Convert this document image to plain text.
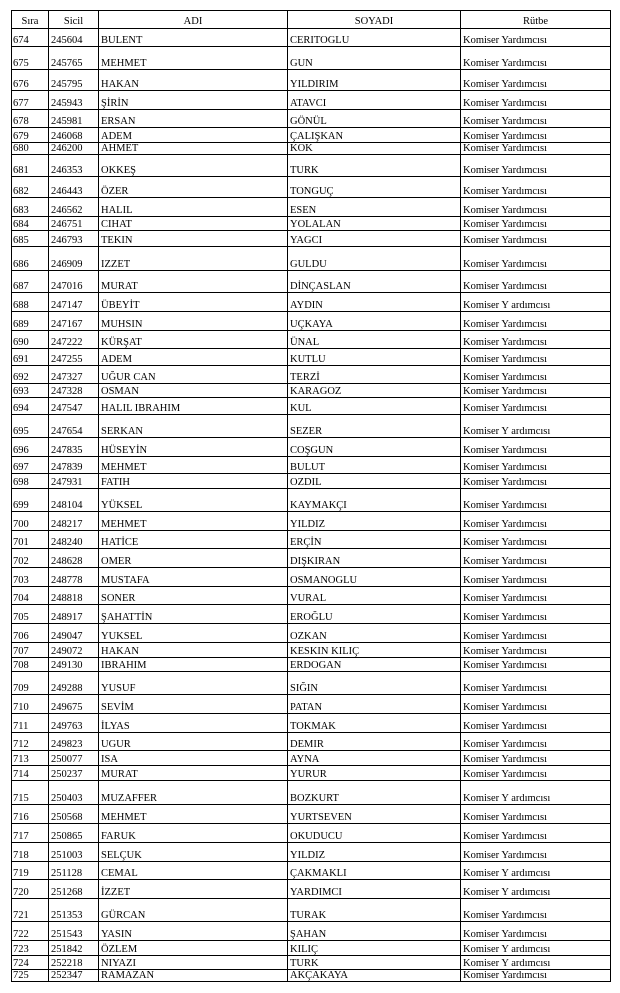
Sıra	Sicil	ADI	SOYADI	Rütbe

674	245604	BULENT	CERITOGLU	Komiser Yardımcısı
675	245765	MEHMET	GUN	Komiser Yardımcısı
676	245795	HAKAN	YILDIRIM	Komiser Yardımcısı
677	245943	ŞİRİN	ATAVCI	Komiser Yardımcısı
678	245981	ERSAN	GÖNÜL	Komiser Yardımcısı
679	246068	ADEM	ÇALIŞKAN	Komiser Yardımcısı
680	246200	AHMET	KOK	Komiser Yardımcısı
681	246353	OKKEŞ	TURK	Komiser Yardımcısı
682	246443	ÖZER	TONGUÇ	Komiser Yardımcısı
683	246562	HALIL	ESEN	Komiser Yardımcısı
684	246751	CIHAT	YOLALAN	Komiser Yardımcısı
685	246793	TEKIN	YAGCI	Komiser Yardımcısı
686	246909	IZZET	GULDU	Komiser Yardımcısı
687	247016	MURAT	DİNÇASLAN	Komiser Yardımcısı
688	247147	ÜBEYİT	AYDIN	Komiser Y ardımcısı
689	247167	MUHSIN	UÇKAYA	Komiser Yardımcısı
690	247222	KÜRŞAT	ÜNAL	Komiser Yardımcısı
691	247255	ADEM	KUTLU	Komiser Yardımcısı
692	247327	UĞUR CAN	TERZİ	Komiser Yardımcısı
693	247328	OSMAN	KARAGOZ	Komiser Yardımcısı
694	247547	HALIL IBRAHIM	KUL	Komiser Yardımcısı
695	247654	SERKAN	SEZER	Komiser Y ardımcısı
696	247835	HÜSEYİN	COŞGUN	Komiser Yardımcısı
697	247839	MEHMET	BULUT	Komiser Yardımcısı
698	247931	FATIH	OZDIL	Komiser Yardımcısı
699	248104	YÜKSEL	KAYMAKÇI	Komiser Yardımcısı
700	248217	MEHMET	YILDIZ	Komiser Yardımcısı
701	248240	HATİCE	ERÇİN	Komiser Yardımcısı
702	248628	OMER	DIŞKIRAN	Komiser Yardımcısı
703	248778	MUSTAFA	OSMANOGLU	Komiser Yardımcısı
704	248818	SONER	VURAL	Komiser Yardımcısı
705	248917	ŞAHATTİN	EROĞLU	Komiser Yardımcısı
706	249047	YUKSEL	OZKAN	Komiser Yardımcısı
707	249072	HAKAN	KESKIN KILIÇ	Komiser Yardımcısı
708	249130	IBRAHIM	ERDOGAN	Komiser Yardımcısı
709	249288	YUSUF	SIĞIN	Komiser Yardımcısı
710	249675	SEVİM	PATAN	Komiser Yardımcısı
711	249763	İLYAS	TOKMAK	Komiser Yardımcısı
712	249823	UGUR	DEMIR	Komiser Yardımcısı
713	250077	ISA	AYNA	Komiser Yardımcısı
714	250237	MURAT	YURUR	Komiser Yardımcısı
715	250403	MUZAFFER	BOZKURT	Komiser Y ardımcısı
716	250568	MEHMET	YURTSEVEN	Komiser Yardımcısı
717	250865	FARUK	OKUDUCU	Komiser Yardımcısı
718	251003	SELÇUK	YILDIZ	Komiser Yardımcısı
719	251128	CEMAL	ÇAKMAKLI	Komiser Y ardımcısı
720	251268	İZZET	YARDIMCI	Komiser Y ardımcısı
721	251353	GÜRCAN	TURAK	Komiser Yardımcısı
722	251543	YASIN	ŞAHAN	Komiser Yardımcısı
723	251842	ÖZLEM	KILIÇ	Komiser Y ardımcısı
724	252218	NIYAZI	TURK	Komiser Y ardımcısı
725	252347	RAMAZAN	AKÇAKAYA	Komiser Yardımcısı
